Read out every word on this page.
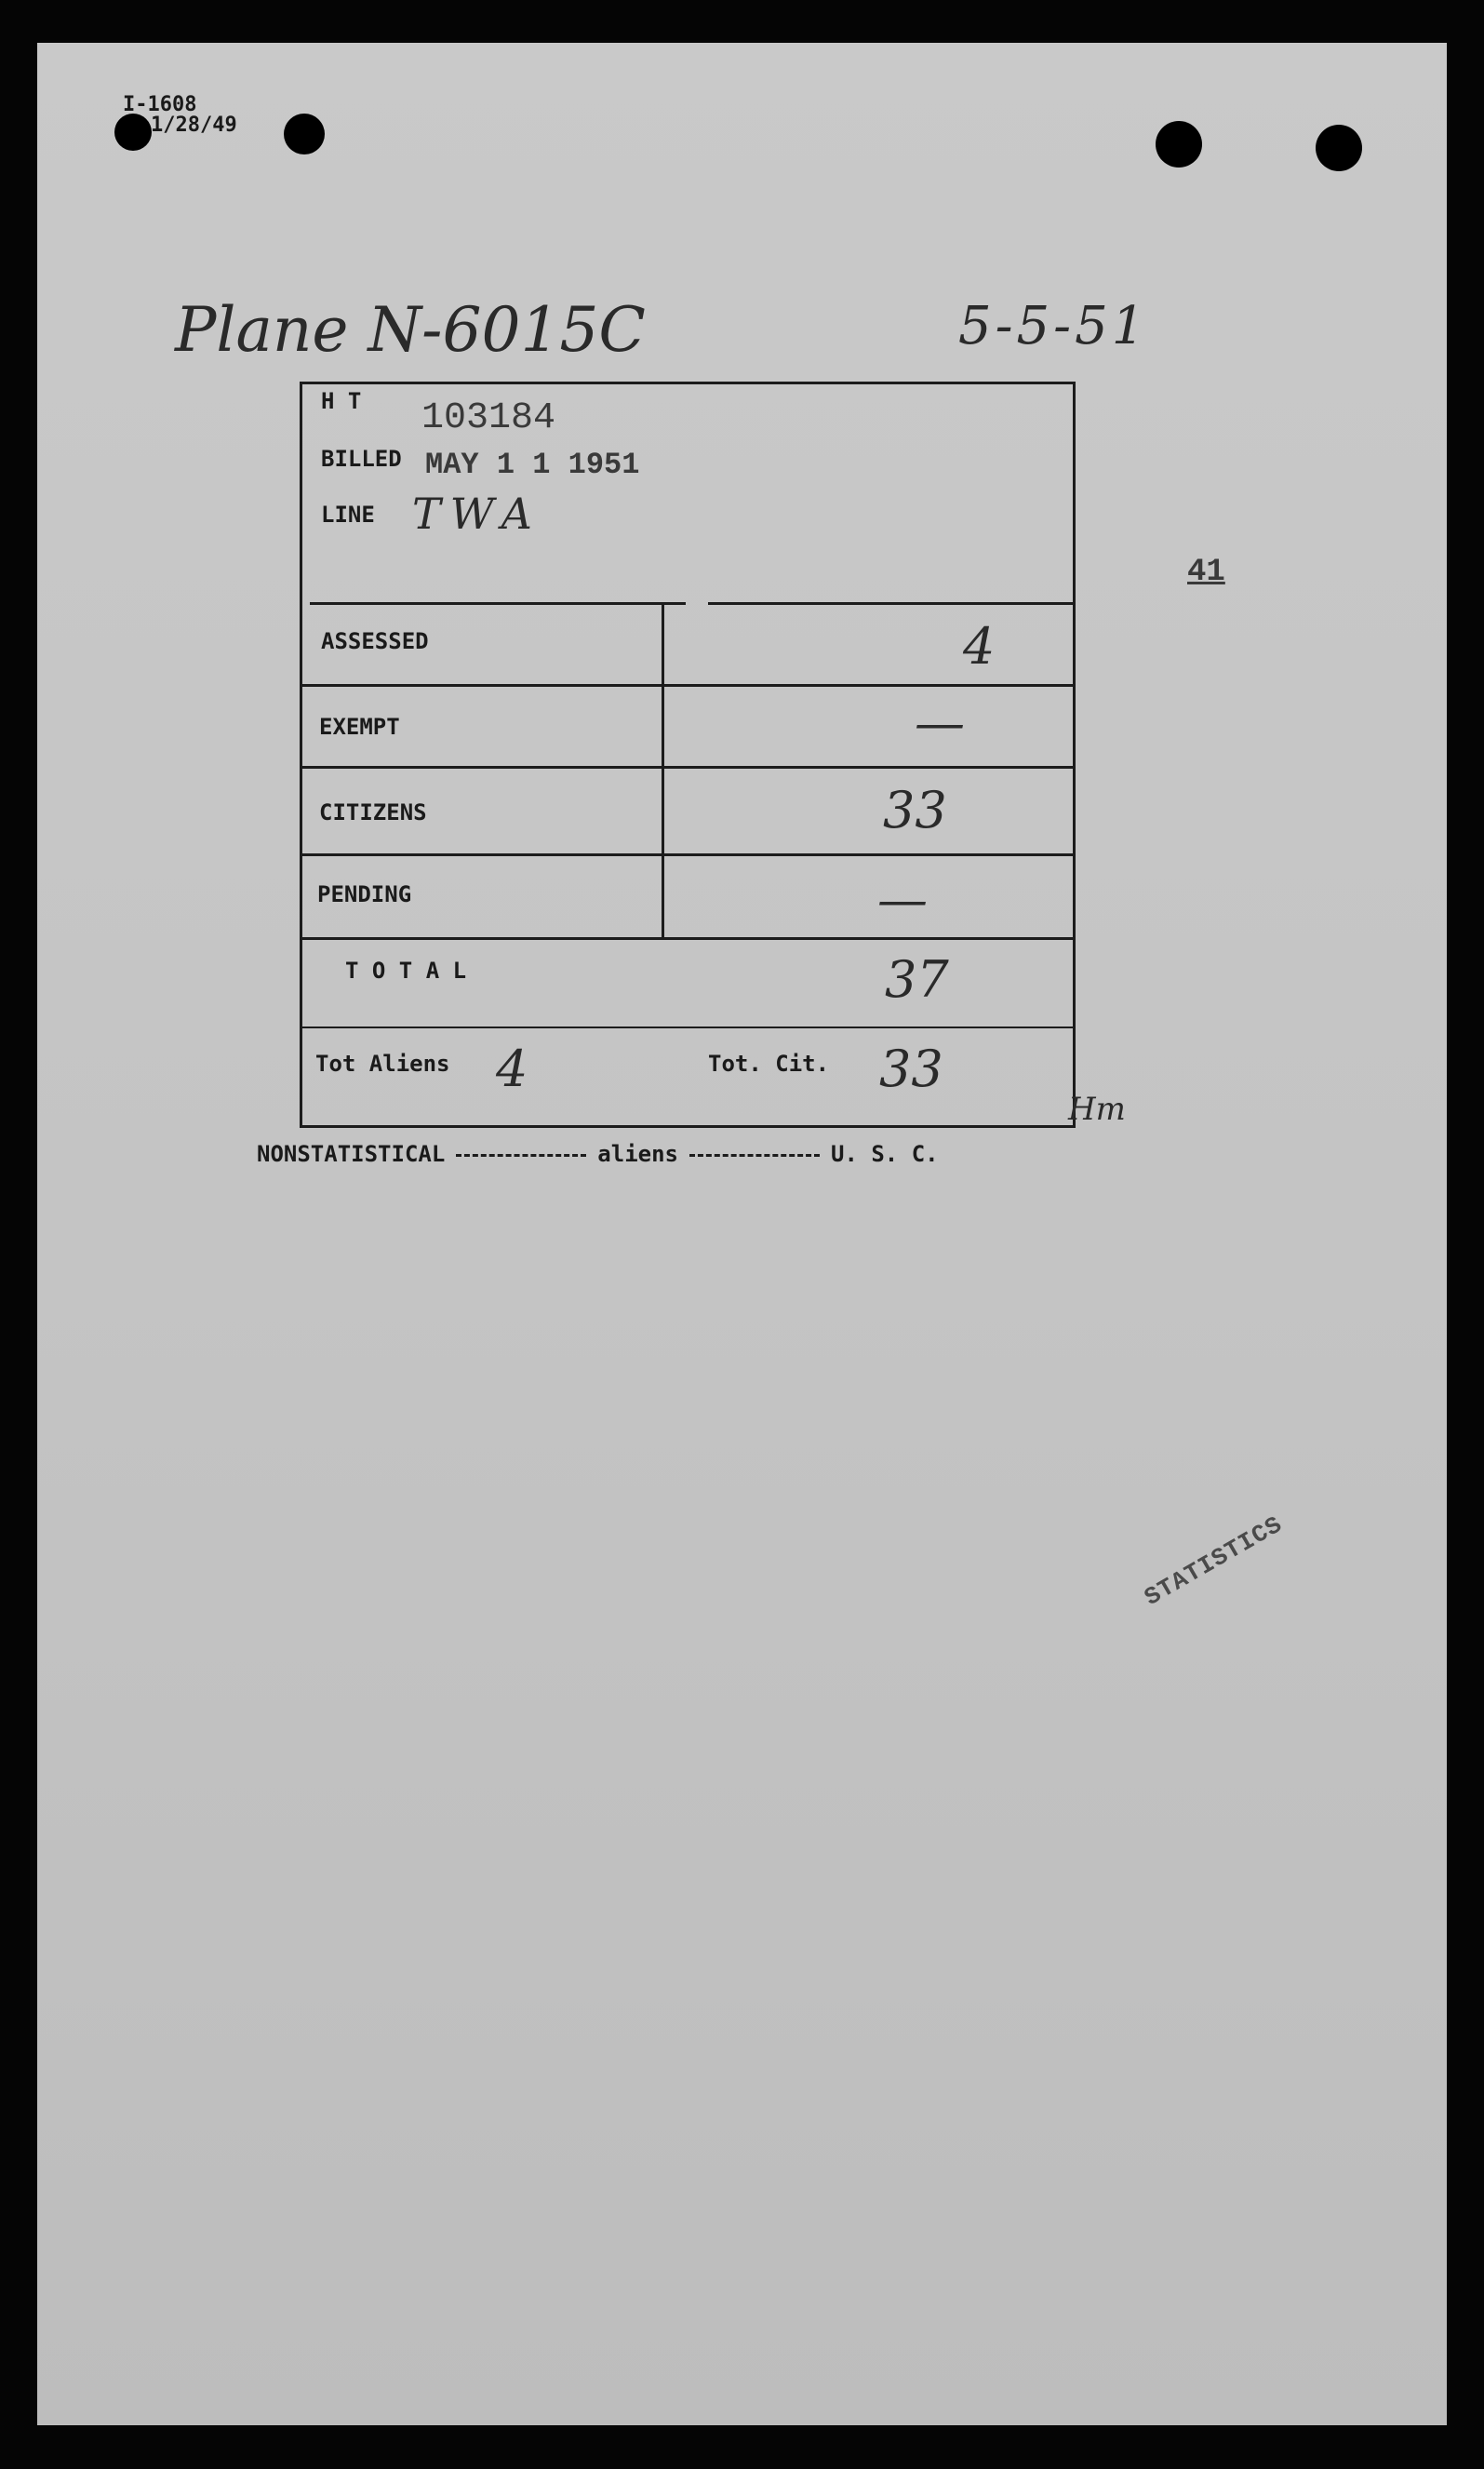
I-1608
1/28/49
Plane N-6015C	5-5-51
H T 103184
BILLED MAY 1 1 1951
LINE TWA
ASSESSED	4
EXEMPT	—
CITIZENS	33
PENDING	—
T O T A L	37
Tot Aliens 4	Tot. Cit. 33
41
Hm
NONSTATISTICAL	aliens	U. S. C.
STATISTICS
